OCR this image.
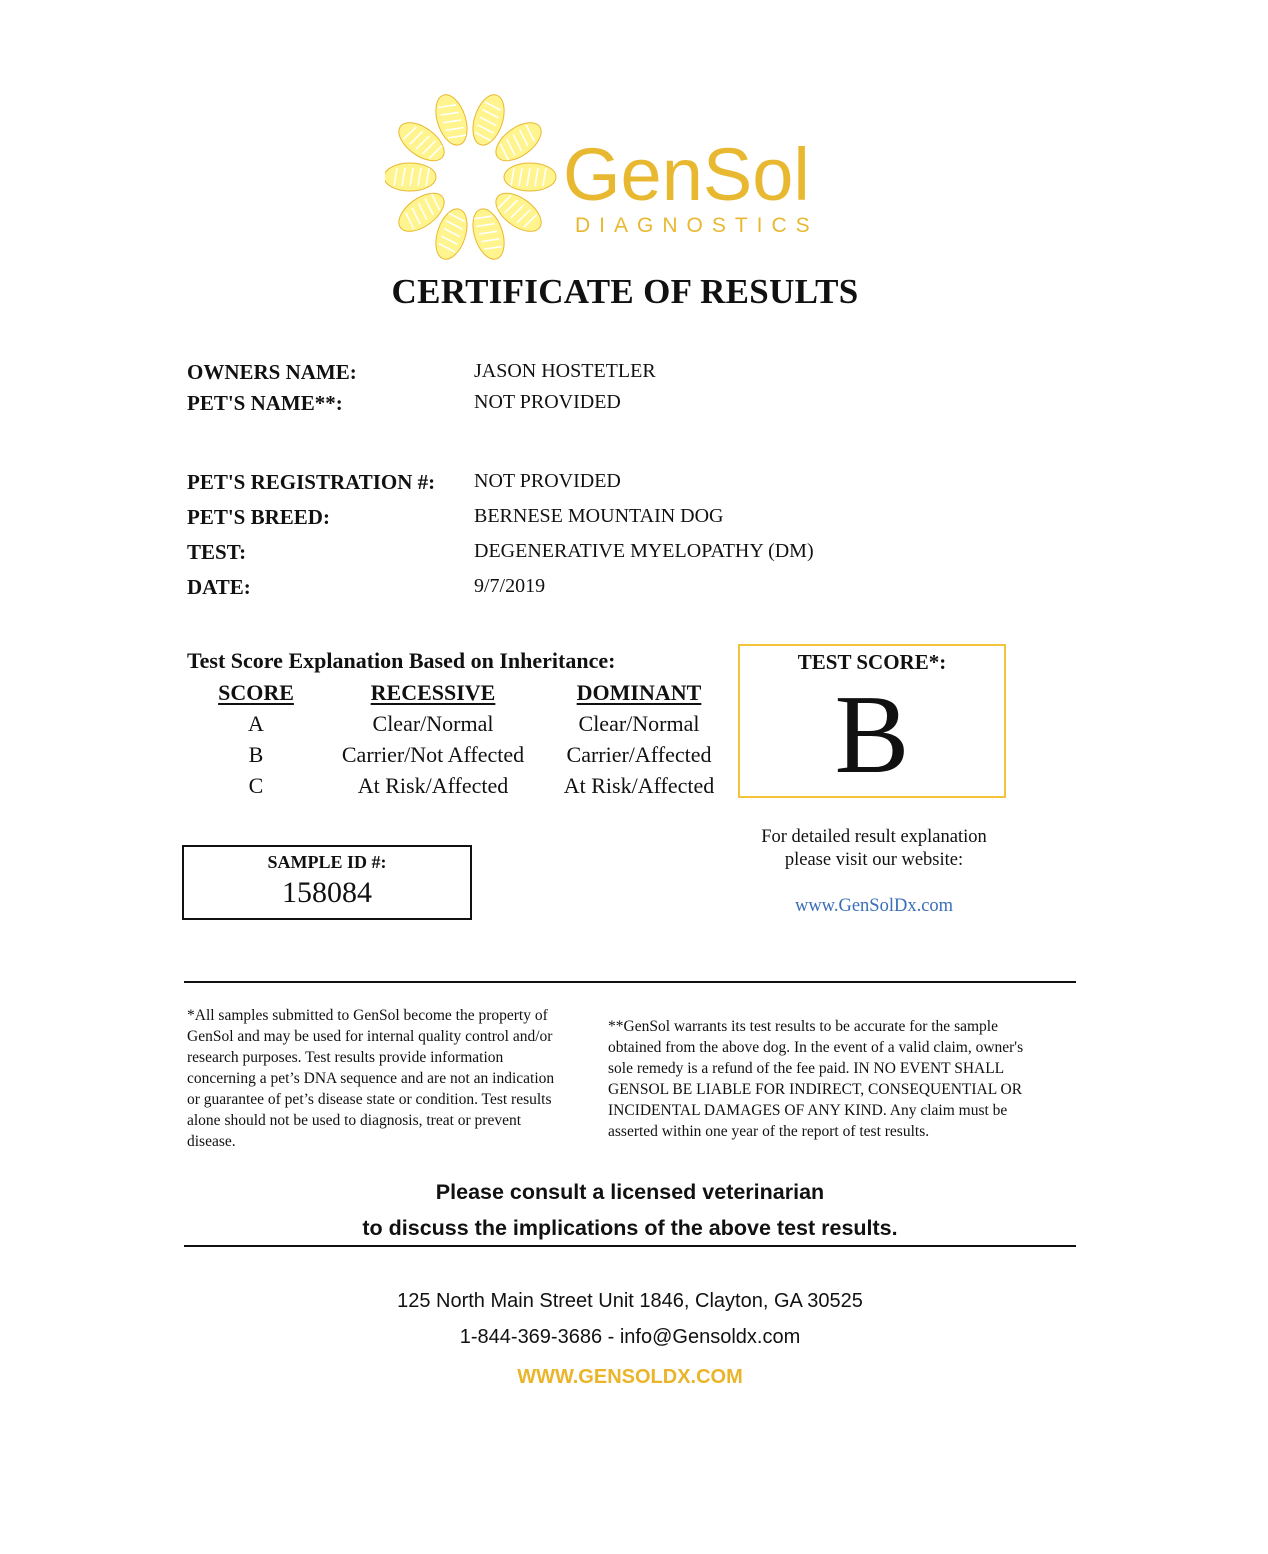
GenSol
DIAGNOSTICS
CERTIFICATE OF RESULTS
OWNERS NAME:	JASON HOSTETLER
PET'S NAME**:	NOT PROVIDED
PET'S REGISTRATION #: NOT PROVIDED
PET'S BREED:	BERNESE MOUNTAIN DOG
TEST:	DEGENERATIVE MYELOPATHY (DM)
DATE:	9/7/2019
Test Score Explanation Based on Inheritance:
SCORE	RECESSIVE	DOMINANT
A	Clear/Normal	Clear/Normal
B	Carrier/Not Affected	Carrier/Affected
C	At Risk/Affected	At Risk/Affected
TEST SCORE*:
B
For detailed result explanation
please visit our website:
www.GenSolDx.com
SAMPLE ID #:
158084
*All samples submitted to GenSol become the property of
GenSol and may be used for internal quality control and/or
research purposes. Test results provide information
concerning a pet’s DNA sequence and are not an indication
or guarantee of pet’s disease state or condition. Test results
alone should not be used to diagnosis, treat or prevent
disease.
**GenSol warrants its test results to be accurate for the sample
obtained from the above dog. In the event of a valid claim, owner's
sole remedy is a refund of the fee paid. IN NO EVENT SHALL
GENSOL BE LIABLE FOR INDIRECT, CONSEQUENTIAL OR
INCIDENTAL DAMAGES OF ANY KIND. Any claim must be
asserted within one year of the report of test results.
Please consult a licensed veterinarian
to discuss the implications of the above test results.
125 North Main Street Unit 1846, Clayton, GA 30525
1-844-369-3686 - info@Gensoldx.com
WWW.GENSOLDX.COM
